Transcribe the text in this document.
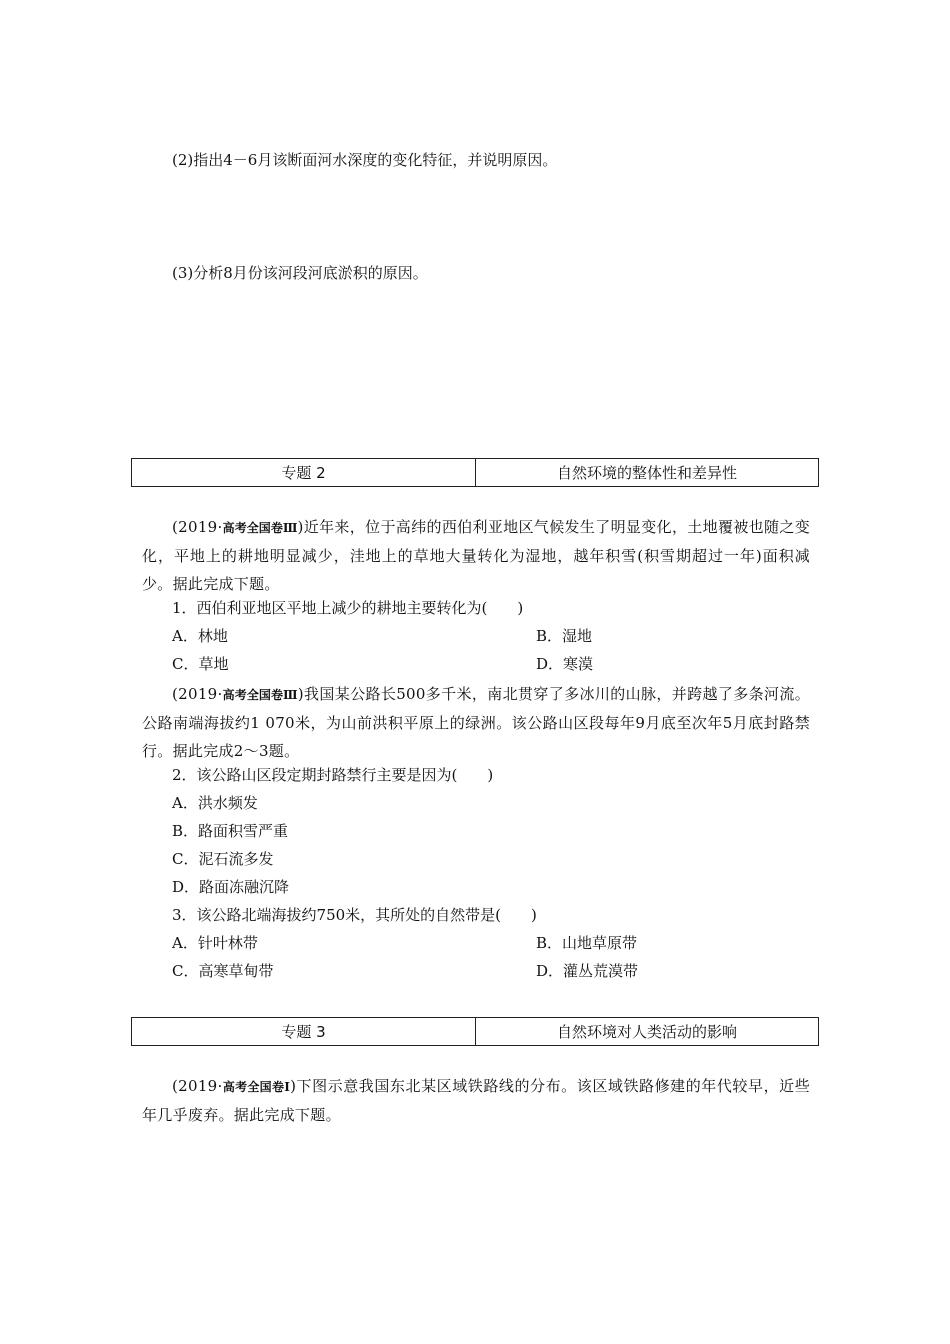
(2)指出4－6月该断面河水深度的变化特征，并说明原因。
(3)分析8月份该河段河底淤积的原因。
专题 2	自然环境的整体性和差异性
(2019·高考全国卷Ⅲ)近年来，位于高纬的西伯利亚地区气候发生了明显变化，土地覆被也随之变化，平地上的耕地明显减少，洼地上的草地大量转化为湿地，越年积雪(积雪期超过一年)面积减少。据此完成下题。
1．西伯利亚地区平地上减少的耕地主要转化为(　　)
A．林地	B．湿地
C．草地	D．寒漠
(2019·高考全国卷Ⅲ)我国某公路长500多千米，南北贯穿了多冰川的山脉，并跨越了多条河流。公路南端海拔约1 070米，为山前洪积平原上的绿洲。该公路山区段每年9月底至次年5月底封路禁行。据此完成2～3题。
2．该公路山区段定期封路禁行主要是因为(　　)
A．洪水频发
B．路面积雪严重
C．泥石流多发
D．路面冻融沉降
3．该公路北端海拔约750米，其所处的自然带是(　　)
A．针叶林带	B．山地草原带
C．高寒草甸带	D．灌丛荒漠带
专题 3	自然环境对人类活动的影响
(2019·高考全国卷Ⅰ)下图示意我国东北某区域铁路线的分布。该区域铁路修建的年代较早，近些年几乎废弃。据此完成下题。
